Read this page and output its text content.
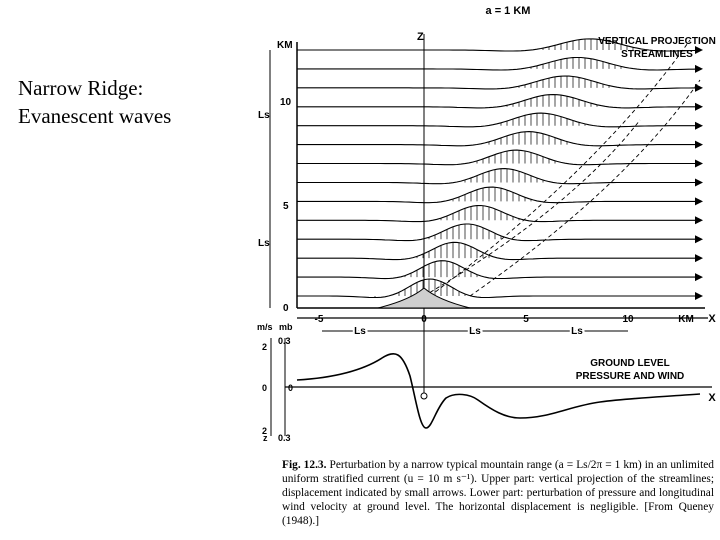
Narrow Ridge:
Evanescent waves
a = 1 KM
Z
KM
0
5
10
Ls
Ls
VERTICAL PROJECTION
STREAMLINES
-5	0	5	10	KM X
Ls	Ls	Ls
m/s mb
2
0
2
0.3
0
0.3
z
GROUND LEVEL
PRESSURE AND WIND
X
Fig. 12.3. Perturbation by a narrow typical mountain range (a = Ls/2π = 1 km) in an unlimited uniform stratified current (u = 10 m s⁻¹). Upper part: vertical projection of the streamlines; displacement indicated by small arrows. Lower part: perturbation of pressure and longitudinal wind velocity at ground level. The horizontal displacement is negligible. [From Queney (1948).]
